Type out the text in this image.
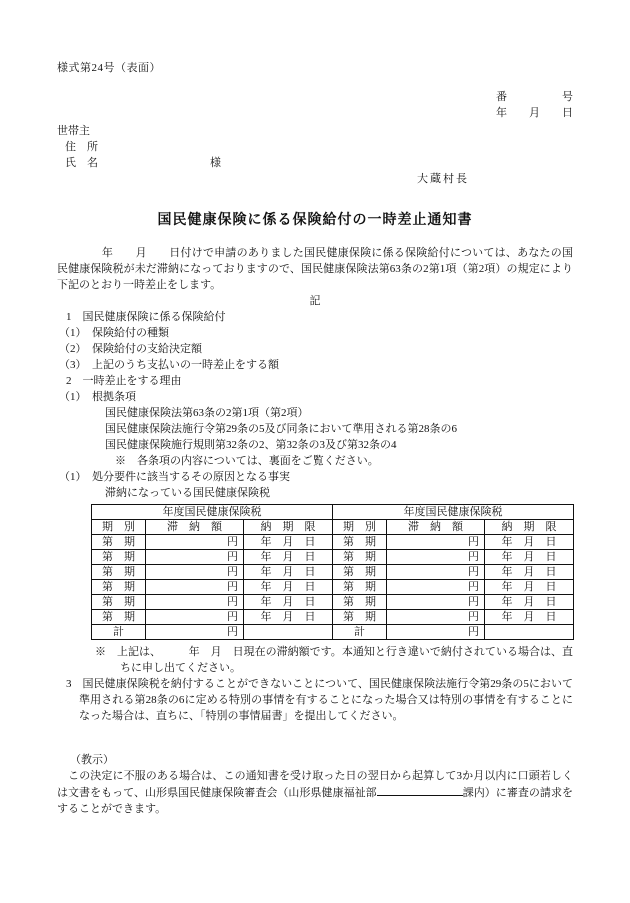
様式第24号（表面）
番　　　　　号
年　　月　　日
世帯主
住　所
氏　名	様
大蔵村長
国民健康保険に係る保険給付の一時差止通知書
　　　　年　　月　　日付けで申請のありました国民健康保険に係る保険給付については、あなたの国民健康保険税が未だ滞納になっておりますので、国民健康保険法第63条の2第1項（第2項）の規定により下記のとおり一時差止をします。
記
1　国民健康保険に係る保険給付
（1）　保険給付の種類
（2）　保険給付の支給決定額
（3）　上記のうち支払いの一時差止をする額
2　一時差止をする理由
（1）　根拠条項
国民健康保険法第63条の2第1項（第2項）
国民健康保険法施行令第29条の5及び同条において準用される第28条の6
国民健康保険施行規則第32条の2、第32条の3及び第32条の4
※　各条項の内容については、裏面をご覧ください。
（1）　処分要件に該当するその原因となる事実
滞納になっている国民健康保険税
年度国民健康保険税			年度国民健康保険税		
期　別	滞　納　額	納　期　限	期　別	滞　納　額	納　期　限
第　期	円	年　月　日	第　期	円	年　月　日
第　期	円	年　月　日	第　期	円	年　月　日
第　期	円	年　月　日	第　期	円	年　月　日
第　期	円	年　月　日	第　期	円	年　月　日
第　期	円	年　月　日	第　期	円	年　月　日
第　期	円	年　月　日	第　期	円	年　月　日
計	円		計	円	
※　上記は、　　　年　月　日現在の滞納額です。本通知と行き違いで納付されている場合は、直ちに申し出てください。
3　国民健康保険税を納付することができないことについて、国民健康保険法施行令第29条の5において準用される第28条の6に定める特別の事情を有することになった場合又は特別の事情を有することになった場合は、直ちに、「特別の事情届書」を提出してください。
（教示）
　この決定に不服のある場合は、この通知書を受け取った日の翌日から起算して3か月以内に口頭若しくは文書をもって、山形県国民健康保険審査会（山形県健康福祉部	課内）に審査の請求をすることができます。
